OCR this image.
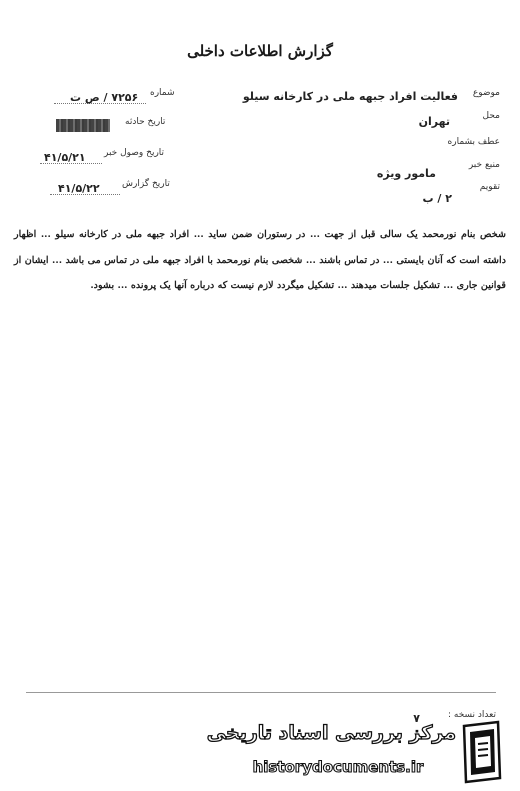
گزارش اطلاعات داخلی
شماره
۷۲۵۶ / ص ت
تاریخ حادثه
تاریخ وصول خبر
۴۱/۵/۲۱
تاریخ گزارش
۴۱/۵/۲۲
موضوع
فعالیت افراد جبهه ملی در کارخانه سیلو
محل
تهران
عطف بشماره
منبع خبر
مامور ویژه
تقویم
۲ / ب
شخص بنام نورمحمد یک سالی قبل از جهت ... در رستوران ضمن ساید ... افراد جبهه ملی در کارخانه سیلو ... اظهار داشته است که آنان بایستی ... در تماس باشند ... شخصی بنام نورمحمد با افراد جبهه ملی در تماس می باشد ... ایشان از قوانین جاری ... تشکیل جلسات میدهند ... تشکیل میگردد لازم نیست که درباره آنها یک پرونده ... بشود.
تعداد نسخه :
۷
مرکز بررسی اسناد تاریخی
historydocuments.ir
